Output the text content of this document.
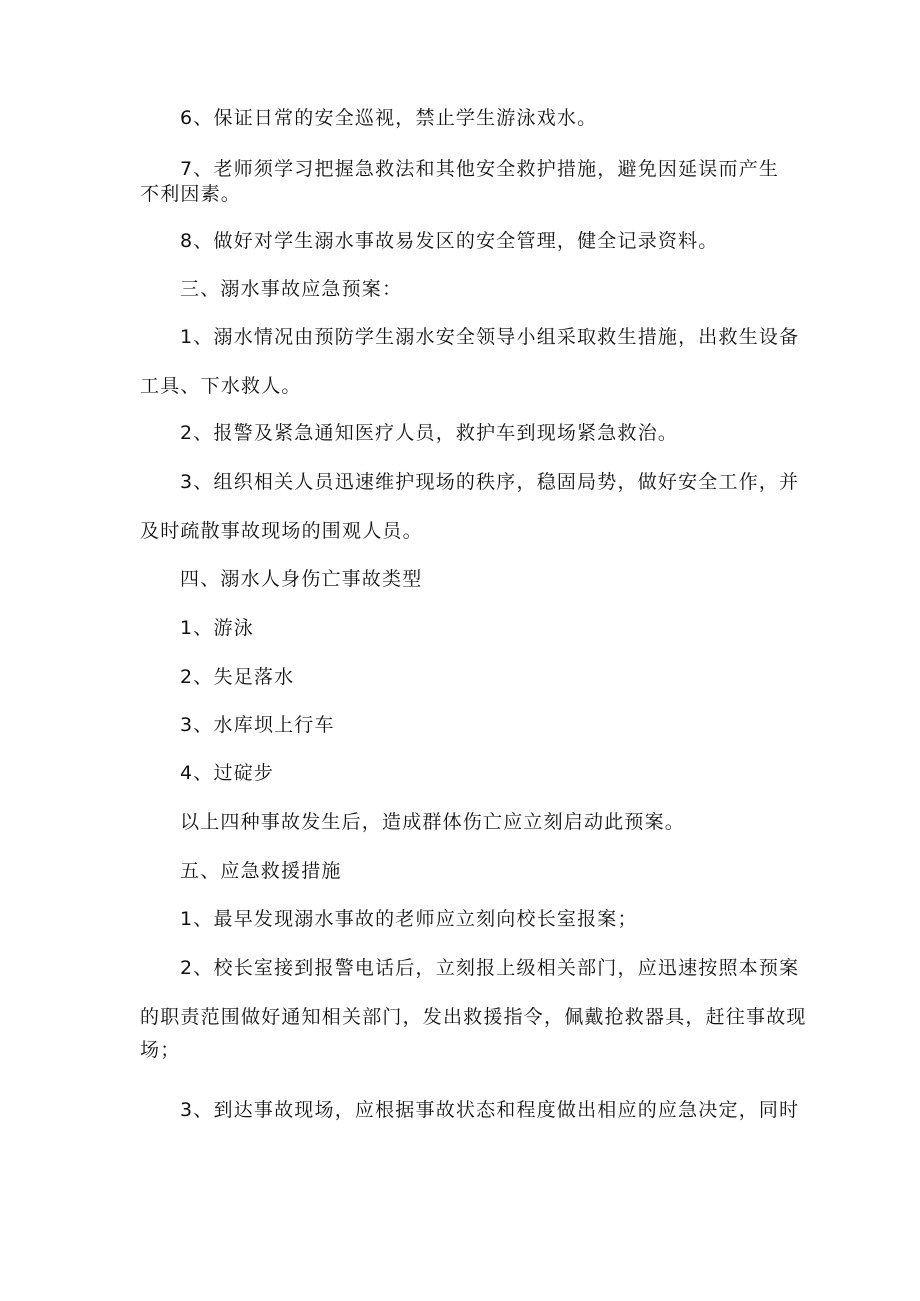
6、保证日常的安全巡视，禁止学生游泳戏水。

7、老师须学习把握急救法和其他安全救护措施，避免因延误而产生
不利因素。

8、做好对学生溺水事故易发区的安全管理，健全记录资料。

三、溺水事故应急预案：

1、溺水情况由预防学生溺水安全领导小组采取救生措施，出救生设备
工具、下水救人。

2、报警及紧急通知医疗人员，救护车到现场紧急救治。

3、组织相关人员迅速维护现场的秩序，稳固局势，做好安全工作，并
及时疏散事故现场的围观人员。

四、溺水人身伤亡事故类型

1、游泳

2、失足落水

3、水库坝上行车

4、过碇步

以上四种事故发生后，造成群体伤亡应立刻启动此预案。

五、应急救援措施

1、最早发现溺水事故的老师应立刻向校长室报案；

2、校长室接到报警电话后，立刻报上级相关部门，应迅速按照本预案
的职责范围做好通知相关部门，发出救援指令，佩戴抢救器具，赶往事故现
场；

3、到达事故现场，应根据事故状态和程度做出相应的应急决定，同时
